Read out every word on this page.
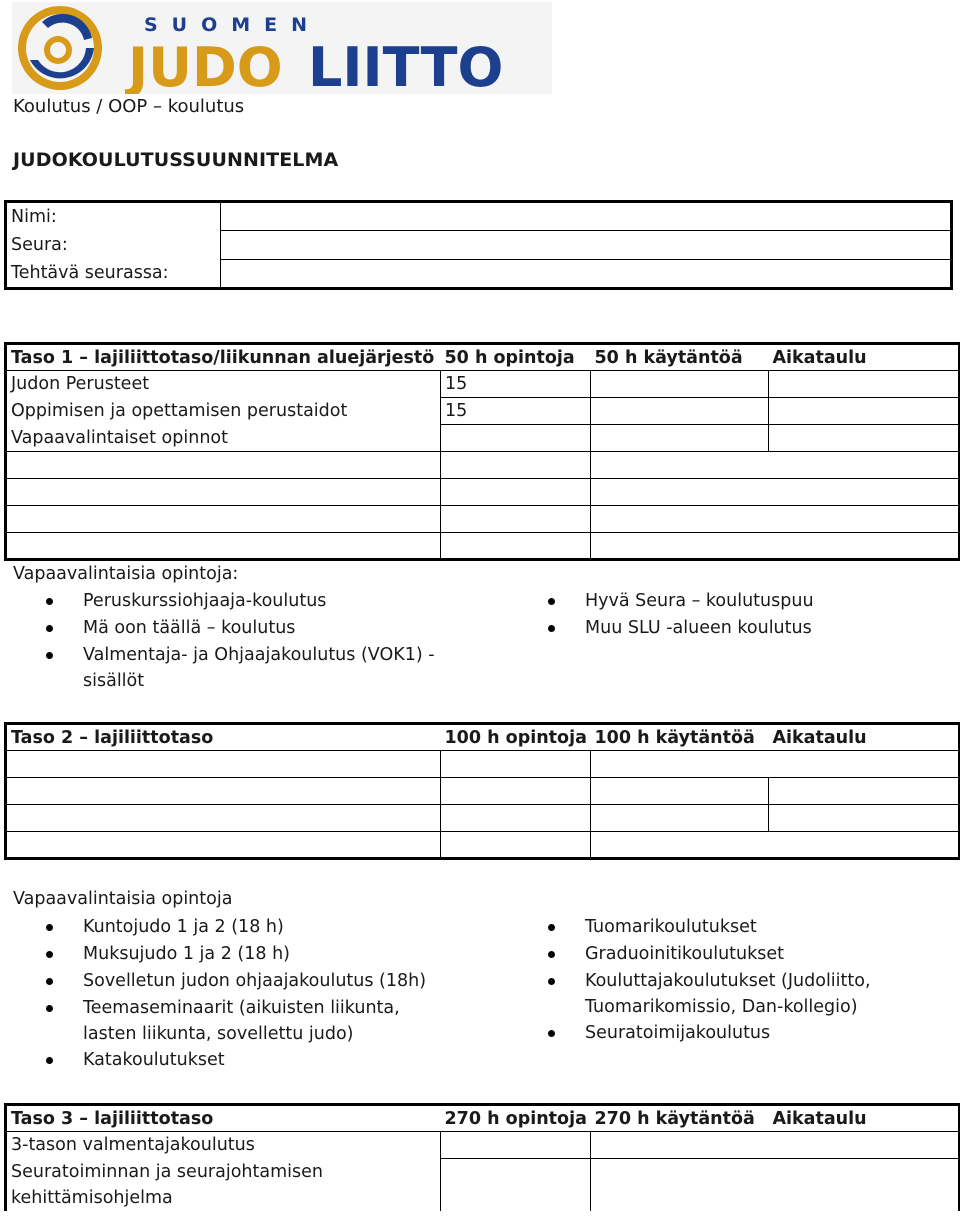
SUOMEN
JUDO LIITTO
Koulutus / OOP – koulutus
JUDOKOULUTUSSUUNNITELMA
Nimi:	
Seura:	
Tehtävä seurassa:	
Taso 1 – lajiliittotaso/liikunnan aluejärjestö	50 h opintoja	50 h käytäntöä	Aikataulu
Judon Perusteet	15		
Oppimisen ja opettamisen perustaidot	15		
Vapaavalintaiset opinnot			

Vapaavalintaisia opintoja:
Peruskurssiohjaaja-koulutus
Mä oon täällä – koulutus
Valmentaja- ja Ohjaajakoulutus (VOK1) -
sisällöt
Hyvä Seura – koulutuspuu
Muu SLU -alueen koulutus
Taso 2 – lajiliittotaso	100 h opintoja	100 h käytäntöä	Aikataulu

Vapaavalintaisia opintoja
Kuntojudo 1 ja 2 (18 h)
Muksujudo 1 ja 2 (18 h)
Sovelletun judon ohjaajakoulutus (18h)
Teemaseminaarit (aikuisten liikunta,
lasten liikunta, sovellettu judo)
Katakoulutukset
Tuomarikoulutukset
Graduoinitikoulutukset
Kouluttajakoulutukset (Judoliitto,
Tuomarikomissio, Dan-kollegio)
Seuratoimijakoulutus
Taso 3 – lajiliittotaso	270 h opintoja	270 h käytäntöä	Aikataulu
3-tason valmentajakoulutus			
Seuratoiminnan ja seurajohtamisen			
kehittämisohjelma			
